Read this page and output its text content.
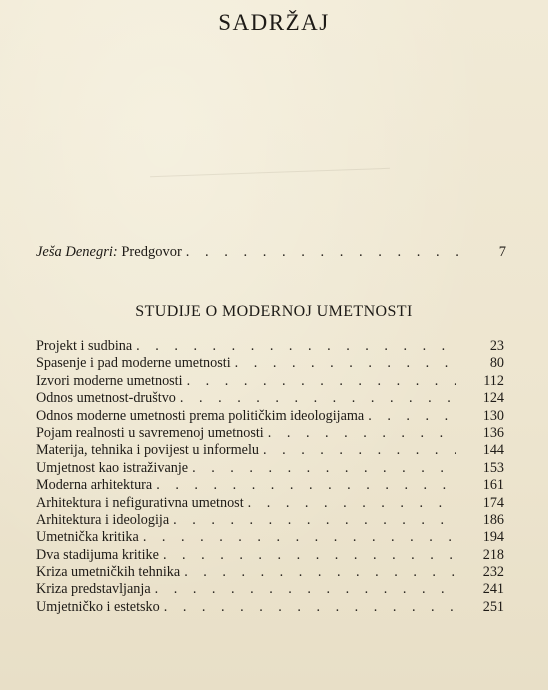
SADRŽAJ
Ješa Denegri: Predgovor . . .	7
STUDIJE O MODERNOJ UMETNOSTI
Projekt i sudbina . . .	23
Spasenje i pad moderne umetnosti . . .	80
Izvori moderne umetnosti . . .	112
Odnos umetnost-društvo . . .	124
Odnos moderne umetnosti prema političkim ideologijama . . .	130
Pojam realnosti u savremenoj umetnosti . . .	136
Materija, tehnika i povijest u informelu . . .	144
Umjetnost kao istraživanje . . .	153
Moderna arhitektura . . .	161
Arhitektura i nefigurativna umetnost . . .	174
Arhitektura i ideologija . . .	186
Umetnička kritika . . .	194
Dva stadijuma kritike . . .	218
Kriza umetničkih tehnika . . .	232
Kriza predstavljanja . . .	241
Umjetničko i estetsko . . .	251
